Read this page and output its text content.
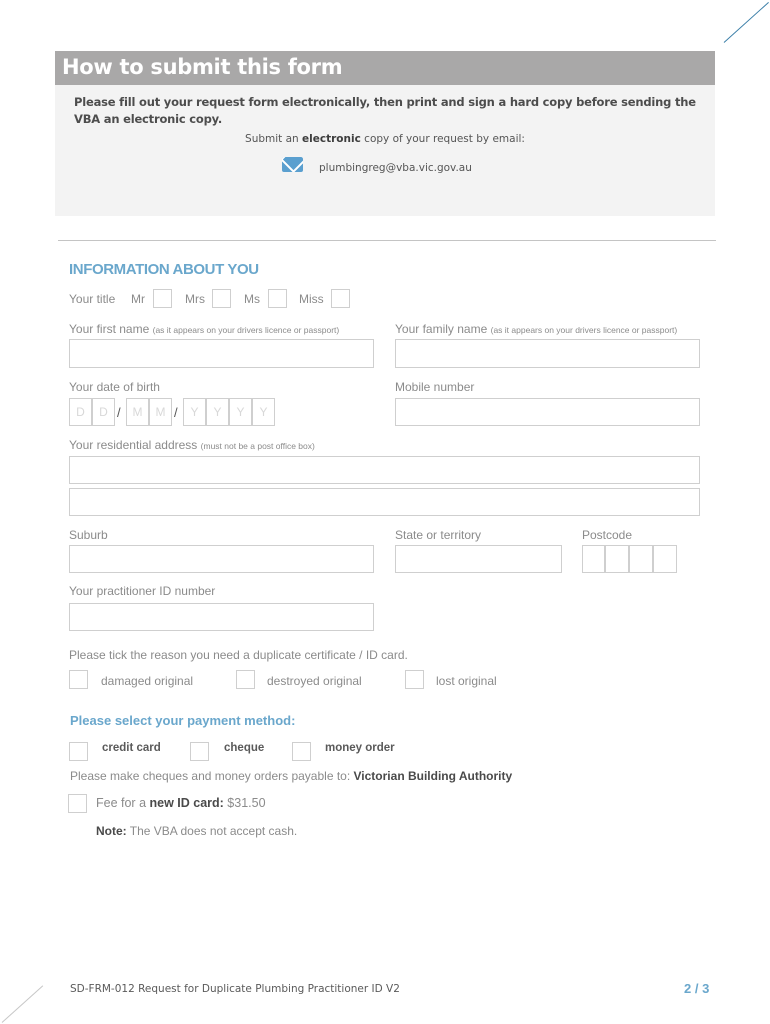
How to submit this form
Please fill out your request form electronically, then print and sign a hard copy before sending the VBA an electronic copy.
Submit an electronic copy of your request by email:
plumbingreg@vba.vic.gov.au
INFORMATION ABOUT YOU
Your title Mr	Mrs	Ms	Miss
Your first name (as it appears on your drivers licence or passport)	Your family name (as it appears on your drivers licence or passport)
Your date of birth
D	D / M	M /	Y	Y	Y	Y
Mobile number
Your residential address (must not be a post office box)
Suburb	State or territory	Postcode
Your practitioner ID number
Please tick the reason you need a duplicate certificate / ID card.
damaged original	destroyed original	lost original
Please select your payment method:
credit card	cheque	money order
Please make cheques and money orders payable to: Victorian Building Authority
Fee for a new ID card: $31.50
Note: The VBA does not accept cash.
SD-FRM-012 Request for Duplicate Plumbing Practitioner ID V2	2 / 3
